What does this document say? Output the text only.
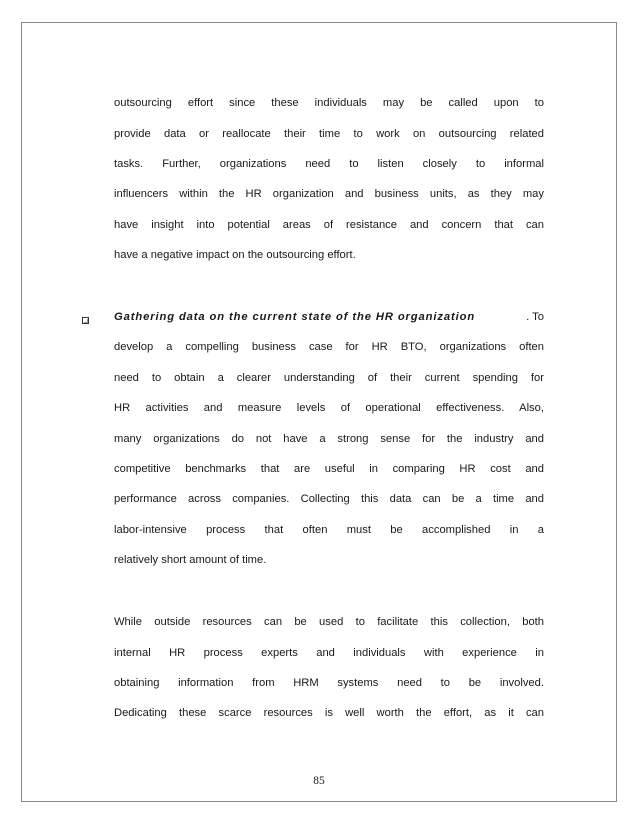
outsourcing effort since these individuals may be called upon to
provide data or reallocate their time to work on outsourcing related
tasks. Further, organizations need to listen closely to informal
influencers within the HR organization and business units, as they may
have insight into potential areas of resistance and concern that can
have a negative impact on the outsourcing effort.
Gathering data on the current state of the HR organization	. To
develop a compelling business case for HR BTO, organizations often
need to obtain a clearer understanding of their current spending for
HR activities and measure levels of operational effectiveness. Also,
many organizations do not have a strong sense for the industry and
competitive benchmarks that are useful in comparing HR cost and
performance across companies. Collecting this data can be a time and
labor-intensive process that often must be accomplished in a
relatively short amount of time.
While outside resources can be used to facilitate this collection, both
internal HR process experts and individuals with experience in
obtaining information from HRM systems need to be involved.
Dedicating these scarce resources is well worth the effort, as it can
85
